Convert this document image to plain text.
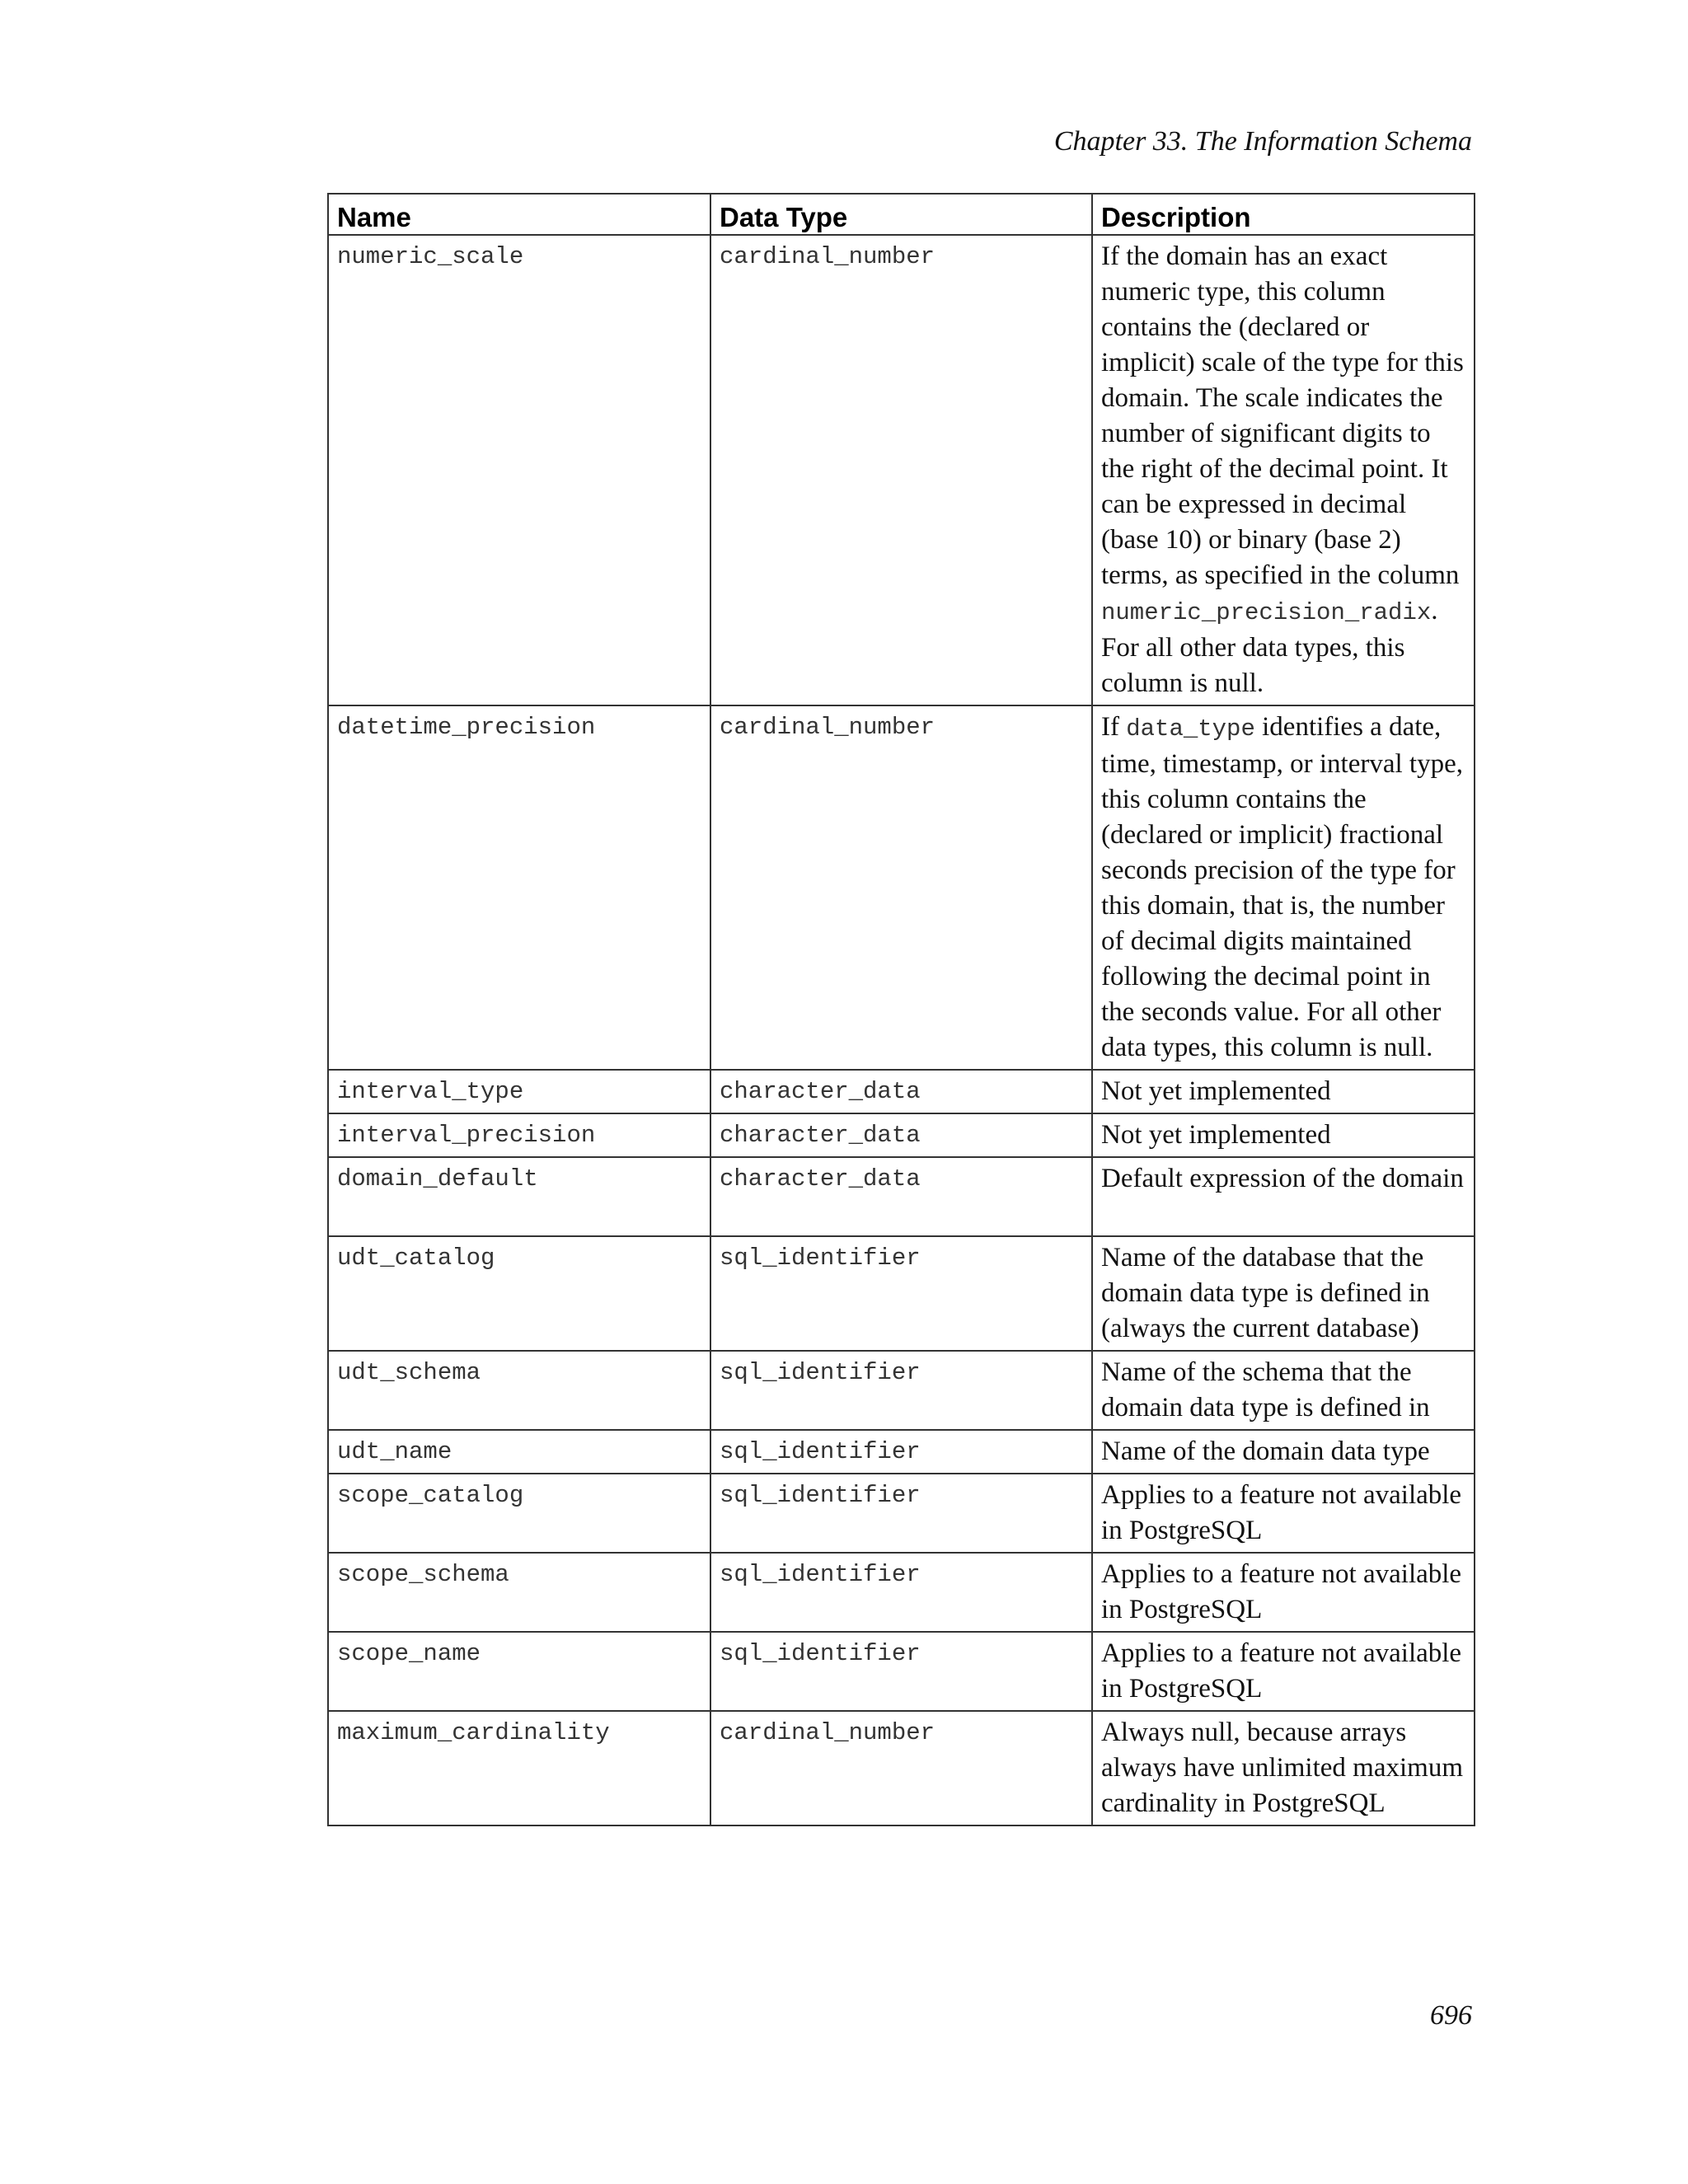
Chapter 33. The Information Schema
Name	Data Type	Description
numeric_scale	cardinal_number	If the domain has an exact numeric type, this column contains the (declared or implicit) scale of the type for this domain. The scale indicates the number of significant digits to the right of the decimal point. It can be expressed in decimal (base 10) or binary (base 2) terms, as specified in the column numeric_precision_radix. For all other data types, this column is null.
datetime_precision	cardinal_number	If data_type identifies a date, time, timestamp, or interval type, this column contains the (declared or implicit) fractional seconds precision of the type for this domain, that is, the number of decimal digits maintained following the decimal point in the seconds value. For all other data types, this column is null.
interval_type	character_data	Not yet implemented
interval_precision	character_data	Not yet implemented
domain_default	character_data	Default expression of the domain
udt_catalog	sql_identifier	Name of the database that the domain data type is defined in (always the current database)
udt_schema	sql_identifier	Name of the schema that the domain data type is defined in
udt_name	sql_identifier	Name of the domain data type
scope_catalog	sql_identifier	Applies to a feature not available in PostgreSQL
scope_schema	sql_identifier	Applies to a feature not available in PostgreSQL
scope_name	sql_identifier	Applies to a feature not available in PostgreSQL
maximum_cardinality	cardinal_number	Always null, because arrays always have unlimited maximum cardinality in PostgreSQL
696
